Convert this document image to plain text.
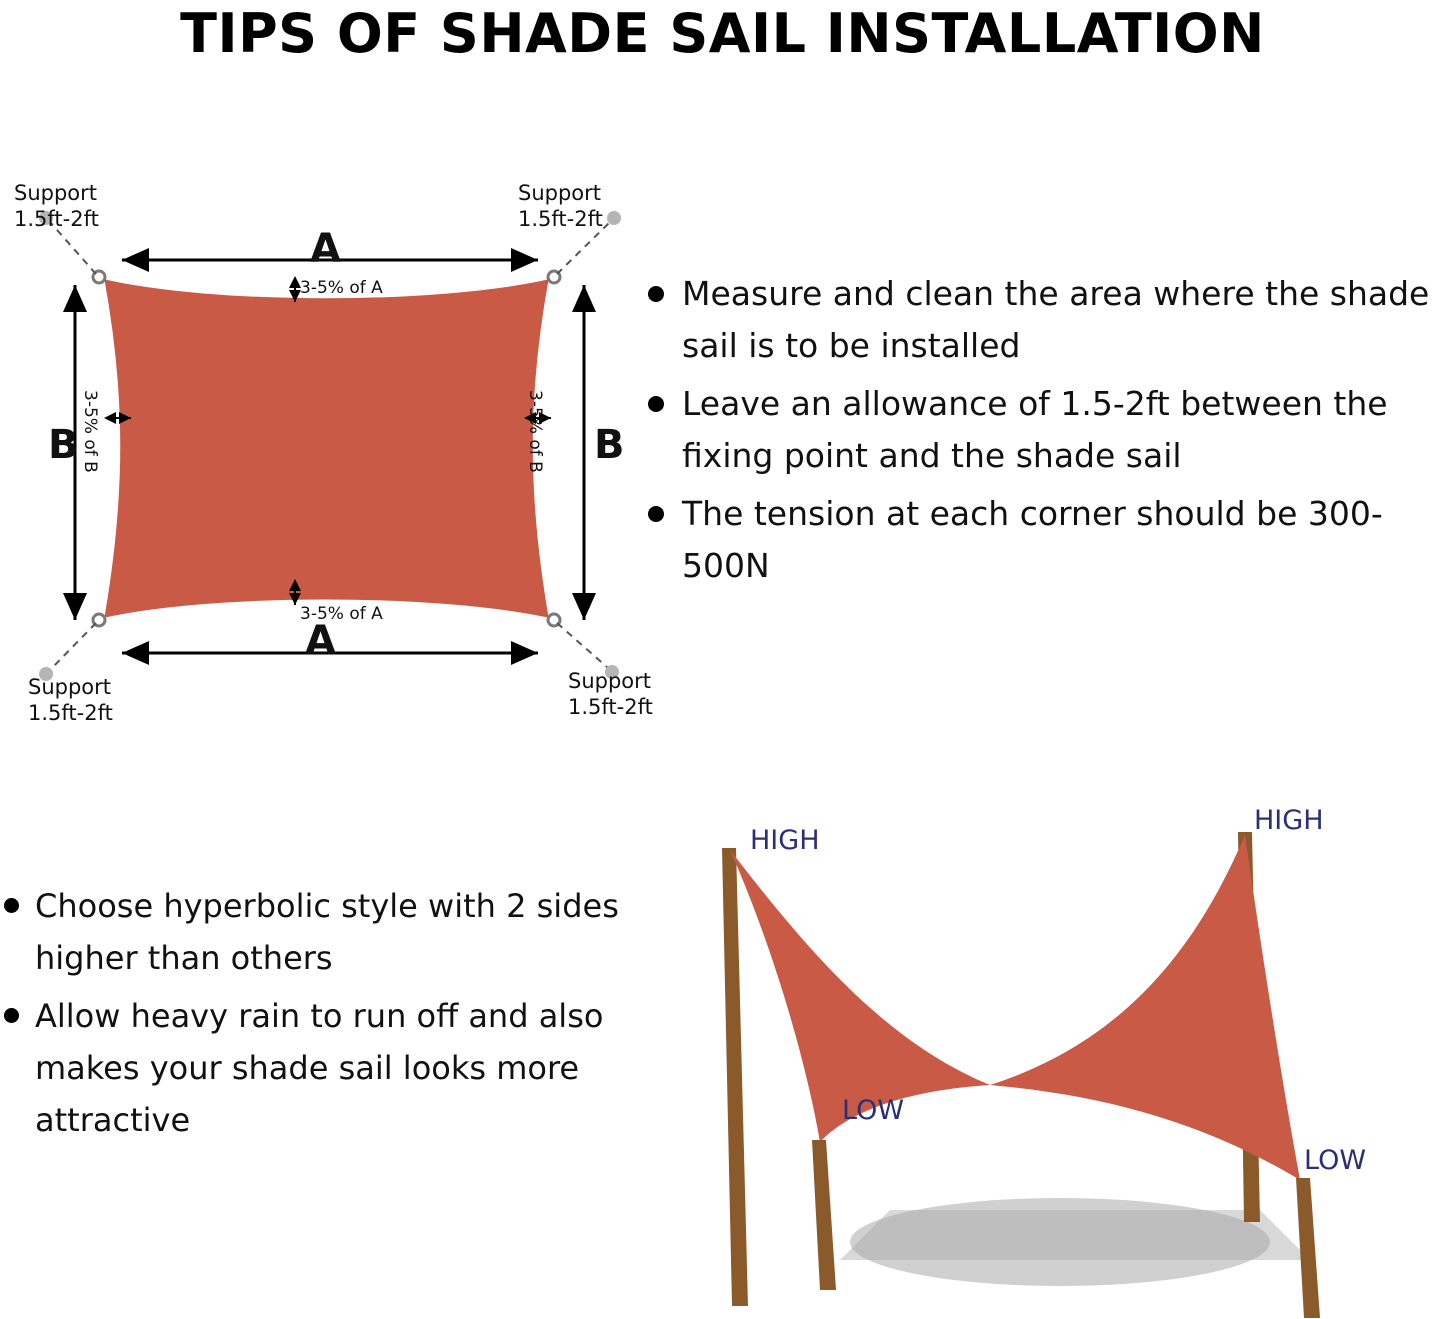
TIPS OF SHADE SAIL INSTALLATION
Support
1.5ft-2ft
Support
1.5ft-2ft
Support
1.5ft-2ft
Support
1.5ft-2ft
A
A
B	B
3-5% of A
3-5% of A
3-5% of B	3-5% of B
Measure and clean the area where the shade sail is to be installed
Leave an allowance of 1.5-2ft between the fixing point and the shade sail
The tension at each corner should be 300-500N
Choose hyperbolic style with 2 sides higher than others
Allow heavy rain to run off and also makes your shade sail looks more attractive
HIGH
HIGH
LOW
LOW
